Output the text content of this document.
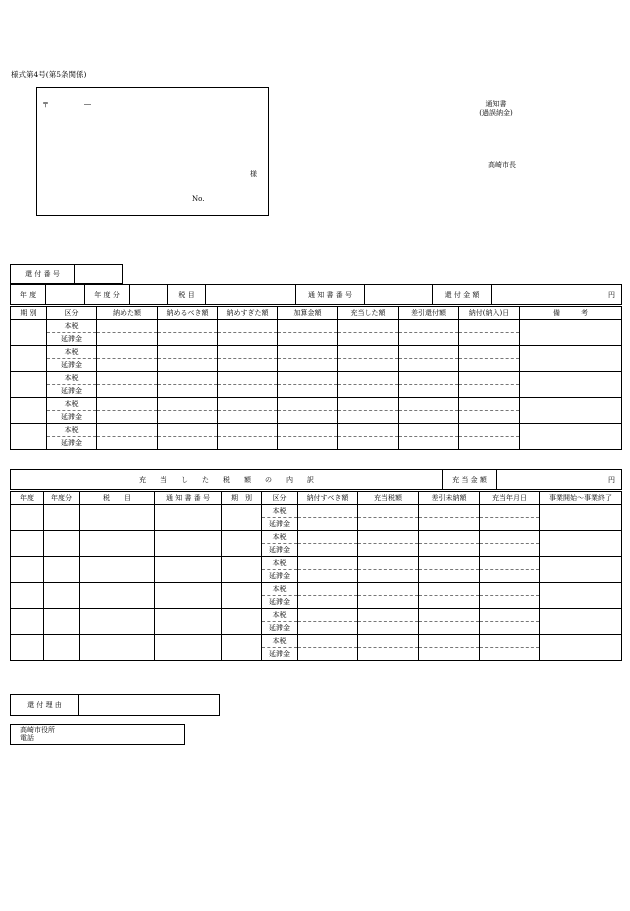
様式第4号(第5条関係)
〒	―
様
No.
通知書
(過誤納金)
高崎市長
還 付 番 号	
年 度		年 度 分		税 目		通 知 書 番 号		還 付 金 額	円
期 別	区分	納めた額	納めるべき額	納めすぎた額	加算金額	充当した額	差引還付額	納付(納入)日	備　　　考
	本税								
	延滞金								
	本税								
	延滞金								
	本税								
	延滞金								
	本税								
	延滞金								
	本税								
	延滞金								
充　　当　　し　　た　　税　　額　　の　　内　　訳	充 当 金 額	円
年度	年度分	税　　目	通 知 書 番 号	期　別	区分	納付すべき額	充当税額	差引未納額	充当年月日	事業開始～事業終了
					本税					
					延滞金					
					本税					
					延滞金					
					本税					
					延滞金					
					本税					
					延滞金					
					本税					
					延滞金					
					本税					
					延滞金					
還 付 理 由	
高崎市役所
電話
